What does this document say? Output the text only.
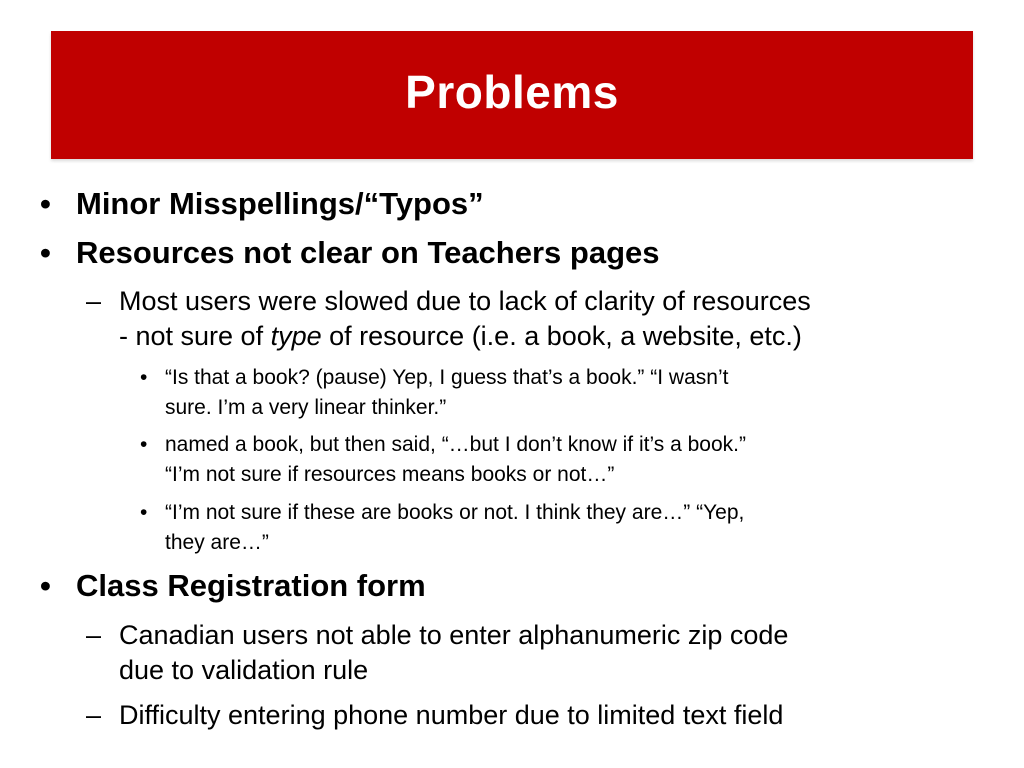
Problems
• Minor Misspellings/“Typos”
• Resources not clear on Teachers pages
– Most users were slowed due to lack of clarity of resources
- not sure of type of resource (i.e. a book, a website, etc.)
• “Is that a book? (pause) Yep, I guess that’s a book.” “I wasn’t
sure. I’m a very linear thinker.”
• named a book, but then said, “…but I don’t know if it’s a book.”
“I’m not sure if resources means books or not…”
• “I’m not sure if these are books or not. I think they are…” “Yep,
they are…”
• Class Registration form
– Canadian users not able to enter alphanumeric zip code
due to validation rule
– Difficulty entering phone number due to limited text field
